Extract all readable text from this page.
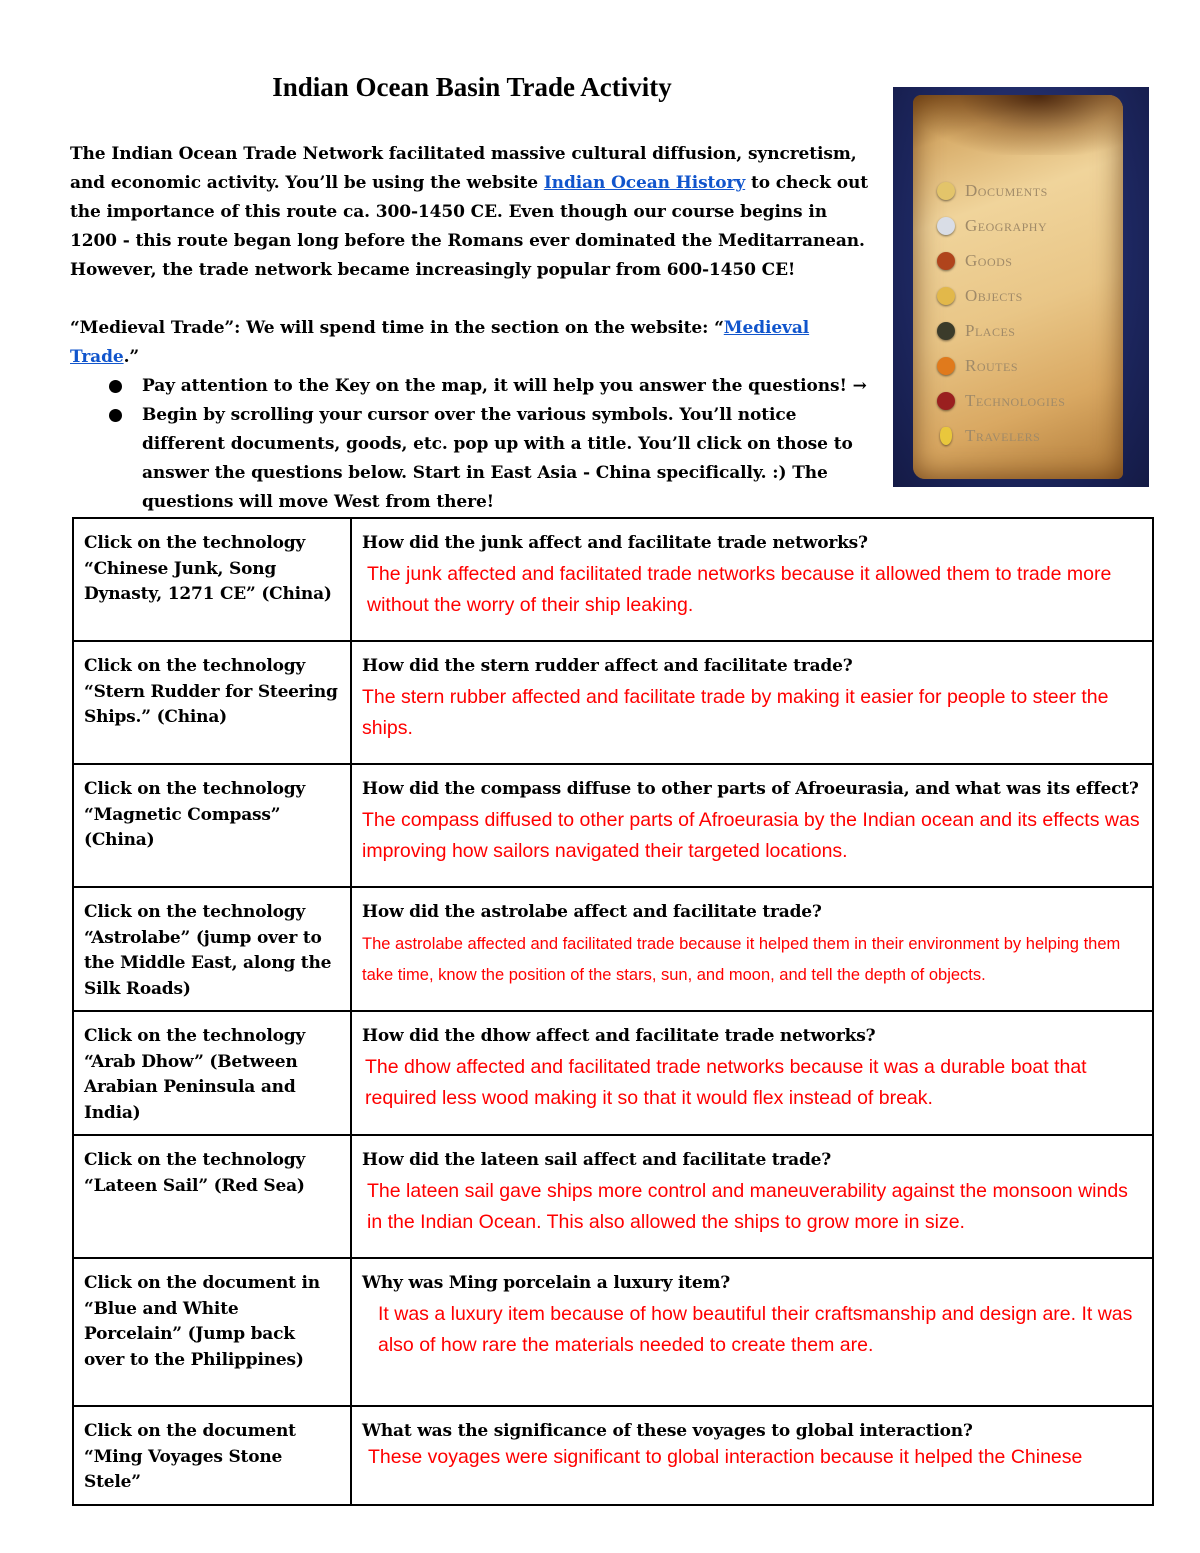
Indian Ocean Basin Trade Activity

The Indian Ocean Trade Network facilitated massive cultural diffusion, syncretism, and economic activity. You’ll be using the website Indian Ocean History to check out the importance of this route ca. 300-1450 CE. Even though our course begins in 1200 - this route began long before the Romans ever dominated the Meditarranean. However, the trade network became increasingly popular from 600-1450 CE!

“Medieval Trade”: We will spend time in the section on the website: “Medieval Trade.”

Pay attention to the Key on the map, it will help you answer the questions! →
Begin by scrolling your cursor over the various symbols. You’ll notice different documents, goods, etc. pop up with a title. You’ll click on those to answer the questions below. Start in East Asia - China specifically. :) The questions will move West from there!
Documents
Geography
Goods
Objects
Places
Routes
Technologies
Travelers
Click on the technology “Chinese Junk, Song Dynasty, 1271 CE” (China)	How did the junk affect and facilitate trade networks?
The junk affected and facilitated trade networks because it allowed them to trade more without the worry of their ship leaking.

Click on the technology “Stern Rudder for Steering Ships.” (China)	How did the stern rudder affect and facilitate trade?
The stern rubber affected and facilitate trade by making it easier for people to steer the ships.

Click on the technology “Magnetic Compass” (China)	How did the compass diffuse to other parts of Afroeurasia, and what was its effect?
The compass diffused to other parts of Afroeurasia by the Indian ocean and its effects was improving how sailors navigated their targeted locations.

Click on the technology “Astrolabe” (jump over to the Middle East, along the Silk Roads)	How did the astrolabe affect and facilitate trade?
The astrolabe affected and facilitated trade because it helped them in their environment by helping them take time, know the position of the stars, sun, and moon, and tell the depth of objects.

Click on the technology “Arab Dhow” (Between Arabian Peninsula and India)	How did the dhow affect and facilitate trade networks?
The dhow affected and facilitated trade networks because it was a durable boat that required less wood making it so that it would flex instead of break.

Click on the technology “Lateen Sail” (Red Sea)	How did the lateen sail affect and facilitate trade?
The lateen sail gave ships more control and maneuverability against the monsoon winds in the Indian Ocean. This also allowed the ships to grow more in size.

Click on the document in “Blue and White Porcelain” (Jump back over to the Philippines)	Why was Ming porcelain a luxury item?
It was a luxury item because of how beautiful their craftsmanship and design are. It was also of how rare the materials needed to create them are.

Click on the document “Ming Voyages Stone Stele”	What was the significance of these voyages to global interaction?
These voyages were significant to global interaction because it helped the Chinese
